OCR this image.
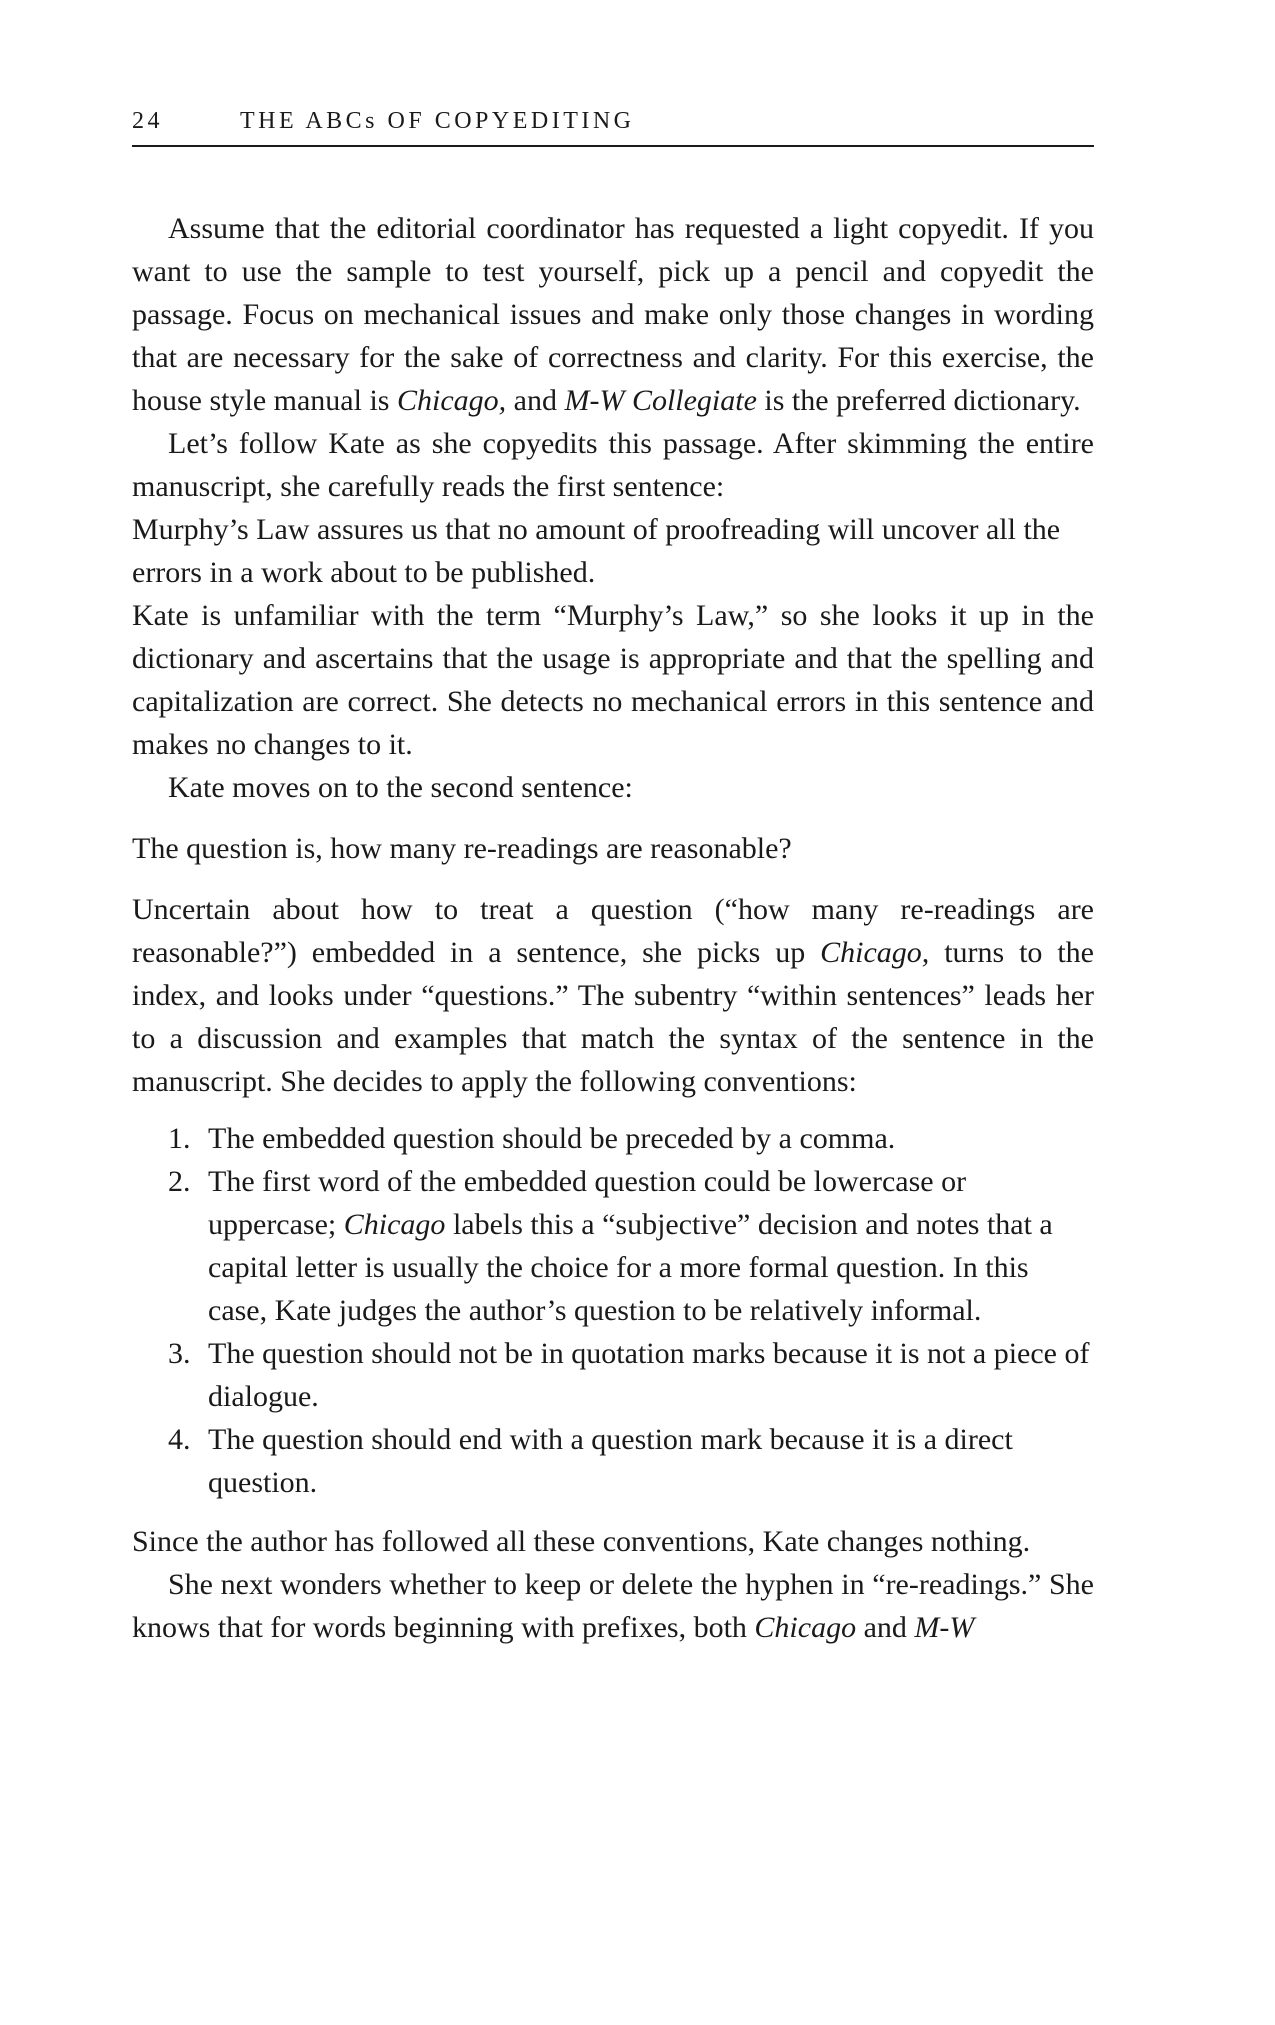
24	THE ABCs OF COPYEDITING

Assume that the editorial coordinator has requested a light copyedit. If you want to use the sample to test yourself, pick up a pencil and copyedit the passage. Focus on mechanical issues and make only those changes in wording that are necessary for the sake of correctness and clarity. For this exercise, the house style manual is Chicago, and M-W Collegiate is the preferred dictionary.

Let’s follow Kate as she copyedits this passage. After skimming the entire manuscript, she carefully reads the first sentence:

Murphy’s Law assures us that no amount of proofreading will uncover all the errors in a work about to be published.

Kate is unfamiliar with the term “Murphy’s Law,” so she looks it up in the dictionary and ascertains that the usage is appropriate and that the spelling and capitalization are correct. She detects no mechanical errors in this sentence and makes no changes to it.

Kate moves on to the second sentence:

The question is, how many re-readings are reasonable?

Uncertain about how to treat a question (“how many re-readings are reasonable?”) embedded in a sentence, she picks up Chicago, turns to the index, and looks under “questions.” The subentry “within sentences” leads her to a discussion and examples that match the syntax of the sentence in the manuscript. She decides to apply the following conventions:

1. The embedded question should be preceded by a comma.
2. The first word of the embedded question could be lowercase or uppercase; Chicago labels this a “subjective” decision and notes that a capital letter is usually the choice for a more formal question. In this case, Kate judges the author’s question to be relatively informal.
3. The question should not be in quotation marks because it is not a piece of dialogue.
4. The question should end with a question mark because it is a direct question.

Since the author has followed all these conventions, Kate changes nothing.

She next wonders whether to keep or delete the hyphen in “re-readings.” She knows that for words beginning with prefixes, both Chicago and M-W
